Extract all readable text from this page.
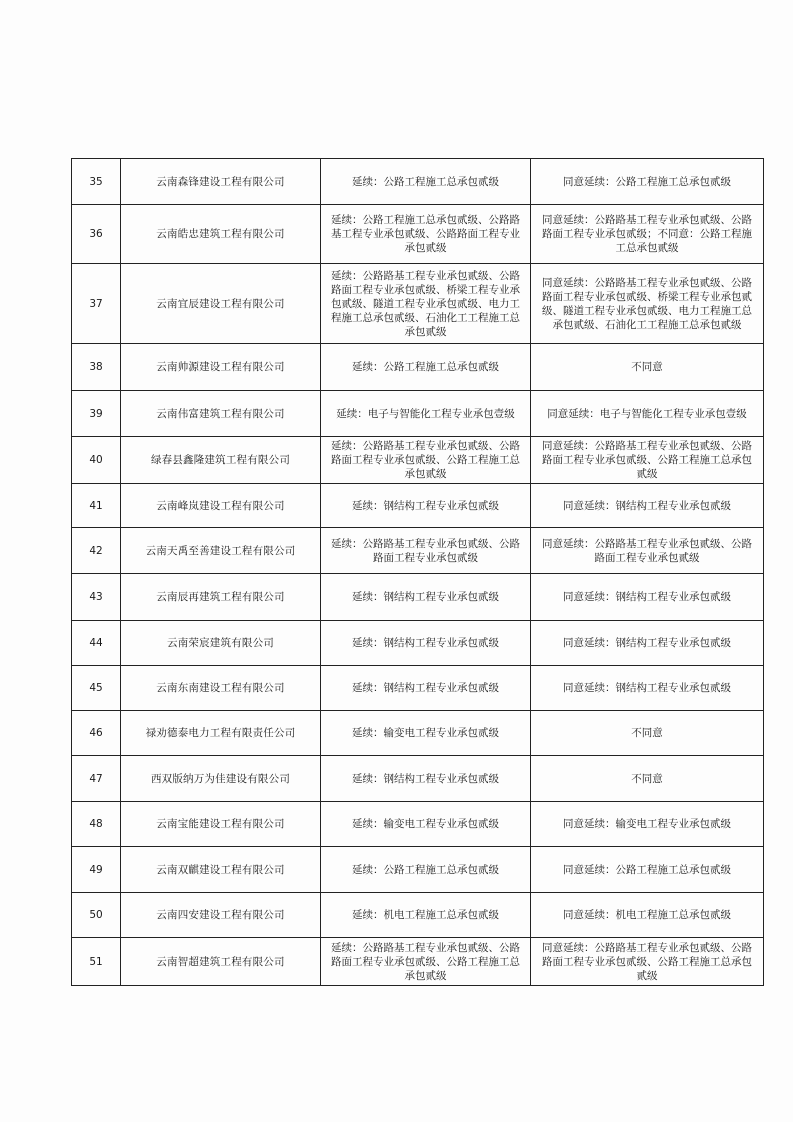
35	云南森锋建设工程有限公司	延续：公路工程施工总承包贰级	同意延续：公路工程施工总承包贰级
36	云南皓忠建筑工程有限公司	延续：公路工程施工总承包贰级、公路路基工程专业承包贰级、公路路面工程专业承包贰级	同意延续：公路路基工程专业承包贰级、公路路面工程专业承包贰级；不同意：公路工程施工总承包贰级
37	云南宜辰建设工程有限公司	延续：公路路基工程专业承包贰级、公路路面工程专业承包贰级、桥梁工程专业承包贰级、隧道工程专业承包贰级、电力工程施工总承包贰级、石油化工工程施工总承包贰级	同意延续：公路路基工程专业承包贰级、公路路面工程专业承包贰级、桥梁工程专业承包贰级、隧道工程专业承包贰级、电力工程施工总承包贰级、石油化工工程施工总承包贰级
38	云南帅源建设工程有限公司	延续：公路工程施工总承包贰级	不同意
39	云南伟富建筑工程有限公司	延续：电子与智能化工程专业承包壹级	同意延续：电子与智能化工程专业承包壹级
40	绿春县鑫隆建筑工程有限公司	延续：公路路基工程专业承包贰级、公路路面工程专业承包贰级、公路工程施工总承包贰级	同意延续：公路路基工程专业承包贰级、公路路面工程专业承包贰级、公路工程施工总承包贰级
41	云南峰岚建设工程有限公司	延续：钢结构工程专业承包贰级	同意延续：钢结构工程专业承包贰级
42	云南天禹至善建设工程有限公司	延续：公路路基工程专业承包贰级、公路路面工程专业承包贰级	同意延续：公路路基工程专业承包贰级、公路路面工程专业承包贰级
43	云南辰再建筑工程有限公司	延续：钢结构工程专业承包贰级	同意延续：钢结构工程专业承包贰级
44	云南荣宸建筑有限公司	延续：钢结构工程专业承包贰级	同意延续：钢结构工程专业承包贰级
45	云南东南建设工程有限公司	延续：钢结构工程专业承包贰级	同意延续：钢结构工程专业承包贰级
46	禄劝德泰电力工程有限责任公司	延续：输变电工程专业承包贰级	不同意
47	西双版纳万为佳建设有限公司	延续：钢结构工程专业承包贰级	不同意
48	云南宝能建设工程有限公司	延续：输变电工程专业承包贰级	同意延续：输变电工程专业承包贰级
49	云南双麒建设工程有限公司	延续：公路工程施工总承包贰级	同意延续：公路工程施工总承包贰级
50	云南四安建设工程有限公司	延续：机电工程施工总承包贰级	同意延续：机电工程施工总承包贰级
51	云南智超建筑工程有限公司	延续：公路路基工程专业承包贰级、公路路面工程专业承包贰级、公路工程施工总承包贰级	同意延续：公路路基工程专业承包贰级、公路路面工程专业承包贰级、公路工程施工总承包贰级
